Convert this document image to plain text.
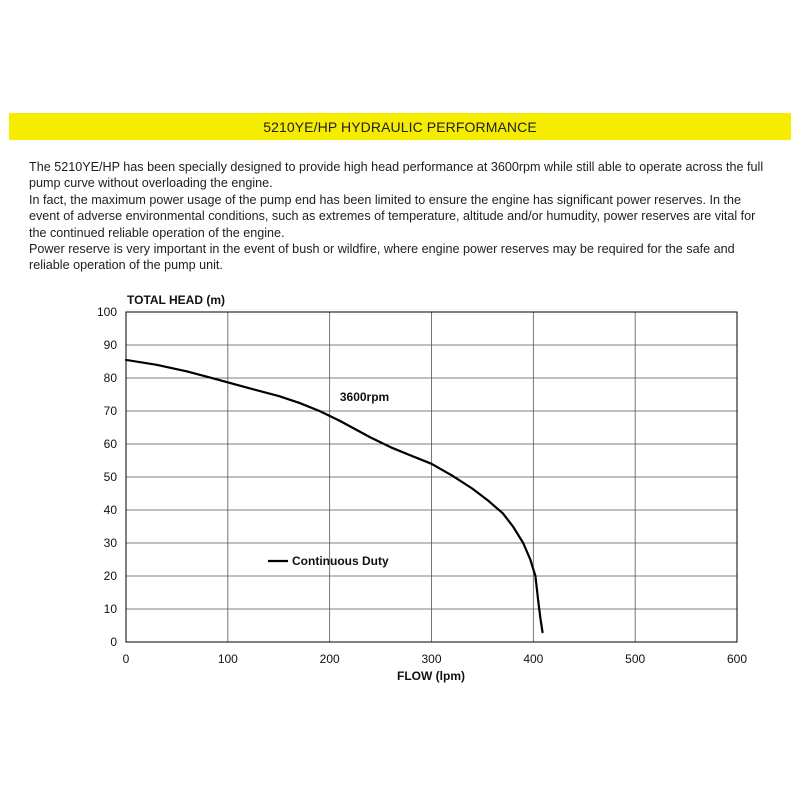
5210YE/HP HYDRAULIC PERFORMANCE

The 5210YE/HP has been specially designed to provide high head performance at 3600rpm while still able to operate across the full pump curve without overloading the engine.

In fact, the maximum power usage of the pump end has been limited to ensure the engine has significant power reserves. In the event of adverse environmental conditions, such as extremes of temperature, altitude and/or humudity, power reserves are vital for the continued reliable operation of the engine.

Power reserve is very important in the event of bush or wildfire, where engine power reserves may be required for the safe and reliable operation of the pump unit.

0
10
20
30
40
50
60
70
80
90
100
0	100	200	300	400	500	600
TOTAL HEAD (m)
FLOW (lpm)
3600rpm
Continuous Duty
